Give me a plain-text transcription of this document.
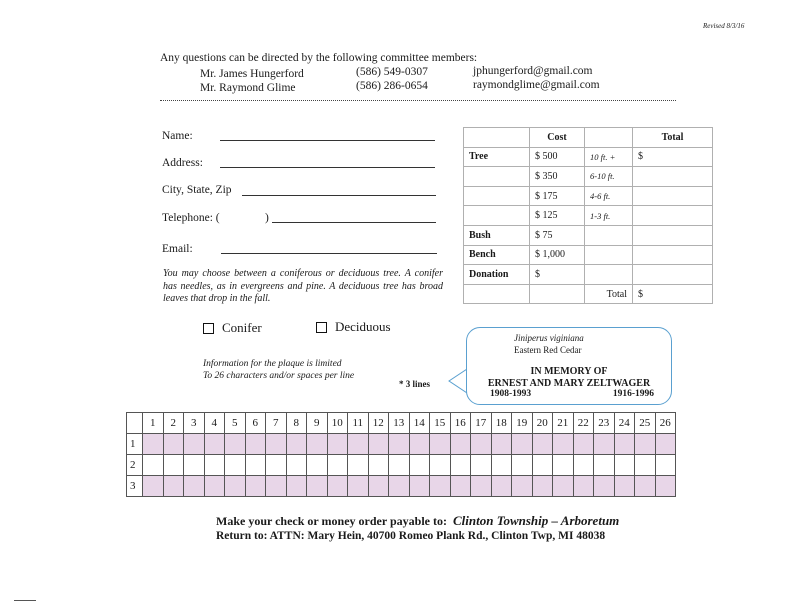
Revised 8/3/16
Any questions can be directed by the following committee members:
Mr. James Hungerford	(586) 549-0307	jphungerford@gmail.com
Mr. Raymond Glime	(586) 286-0654	raymondglime@gmail.com
Name:
Address:
City, State, Zip
Telephone: (	)
Email:
You may choose between a coniferous or deciduous tree. A conifer has needles, as in evergreens and pine. A deciduous tree has broad leaves that drop in the fall.
Conifer	Deciduous
Information for the plaque is limited
To 26 characters and/or spaces per line
* 3 lines
Jiniperus viginiana
Eastern Red Cedar
IN MEMORY OF
ERNEST AND MARY ZELTWAGER
1908-1993	1916-1996
	Cost		Total
Tree	$ 500	10 ft. +	$
	$ 350	6-10 ft.	
	$ 175	4-6 ft.	
	$ 125	1-3 ft.	
Bush	$ 75		
Bench	$ 1,000		
Donation	$		
		Total	$
	1	2	3	4	5	6	7	8	9	10	11	12	13	14	15	16	17	18	19	20	21	22	23	24	25	26
1																										
2																										
3																										
Make your check or money order payable to: Clinton Township – Arboretum
Return to: ATTN: Mary Hein, 40700 Romeo Plank Rd., Clinton Twp, MI 48038
